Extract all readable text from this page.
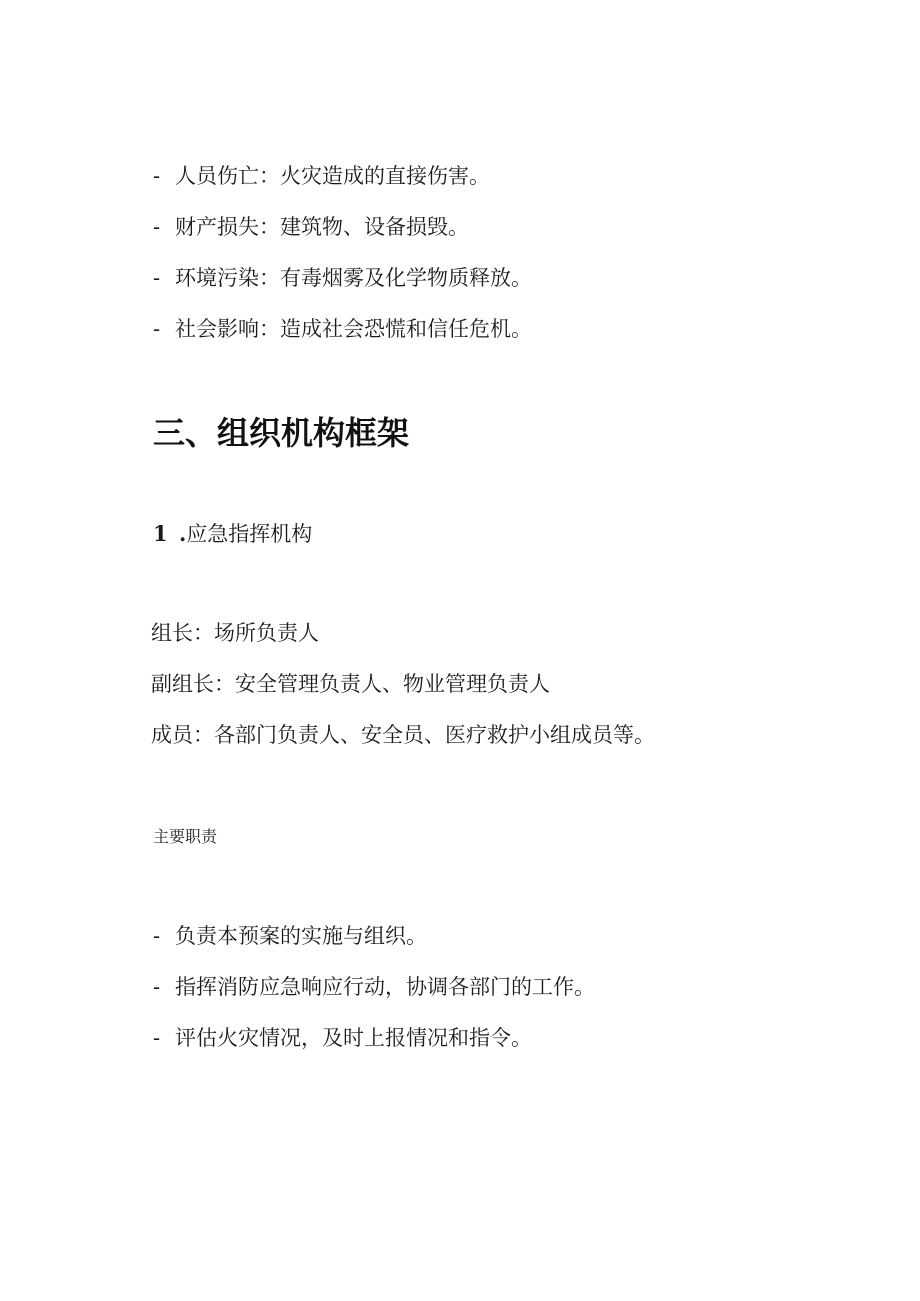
- 人员伤亡：火灾造成的直接伤害。
- 财产损失：建筑物、设备损毁。
- 环境污染：有毒烟雾及化学物质释放。
- 社会影响：造成社会恐慌和信任危机。
三、组织机构框架
1 .应急指挥机构
组长：场所负责人
副组长：安全管理负责人、物业管理负责人
成员：各部门负责人、安全员、医疗救护小组成员等。
主要职责
- 负责本预案的实施与组织。
- 指挥消防应急响应行动，协调各部门的工作。
- 评估火灾情况，及时上报情况和指令。
